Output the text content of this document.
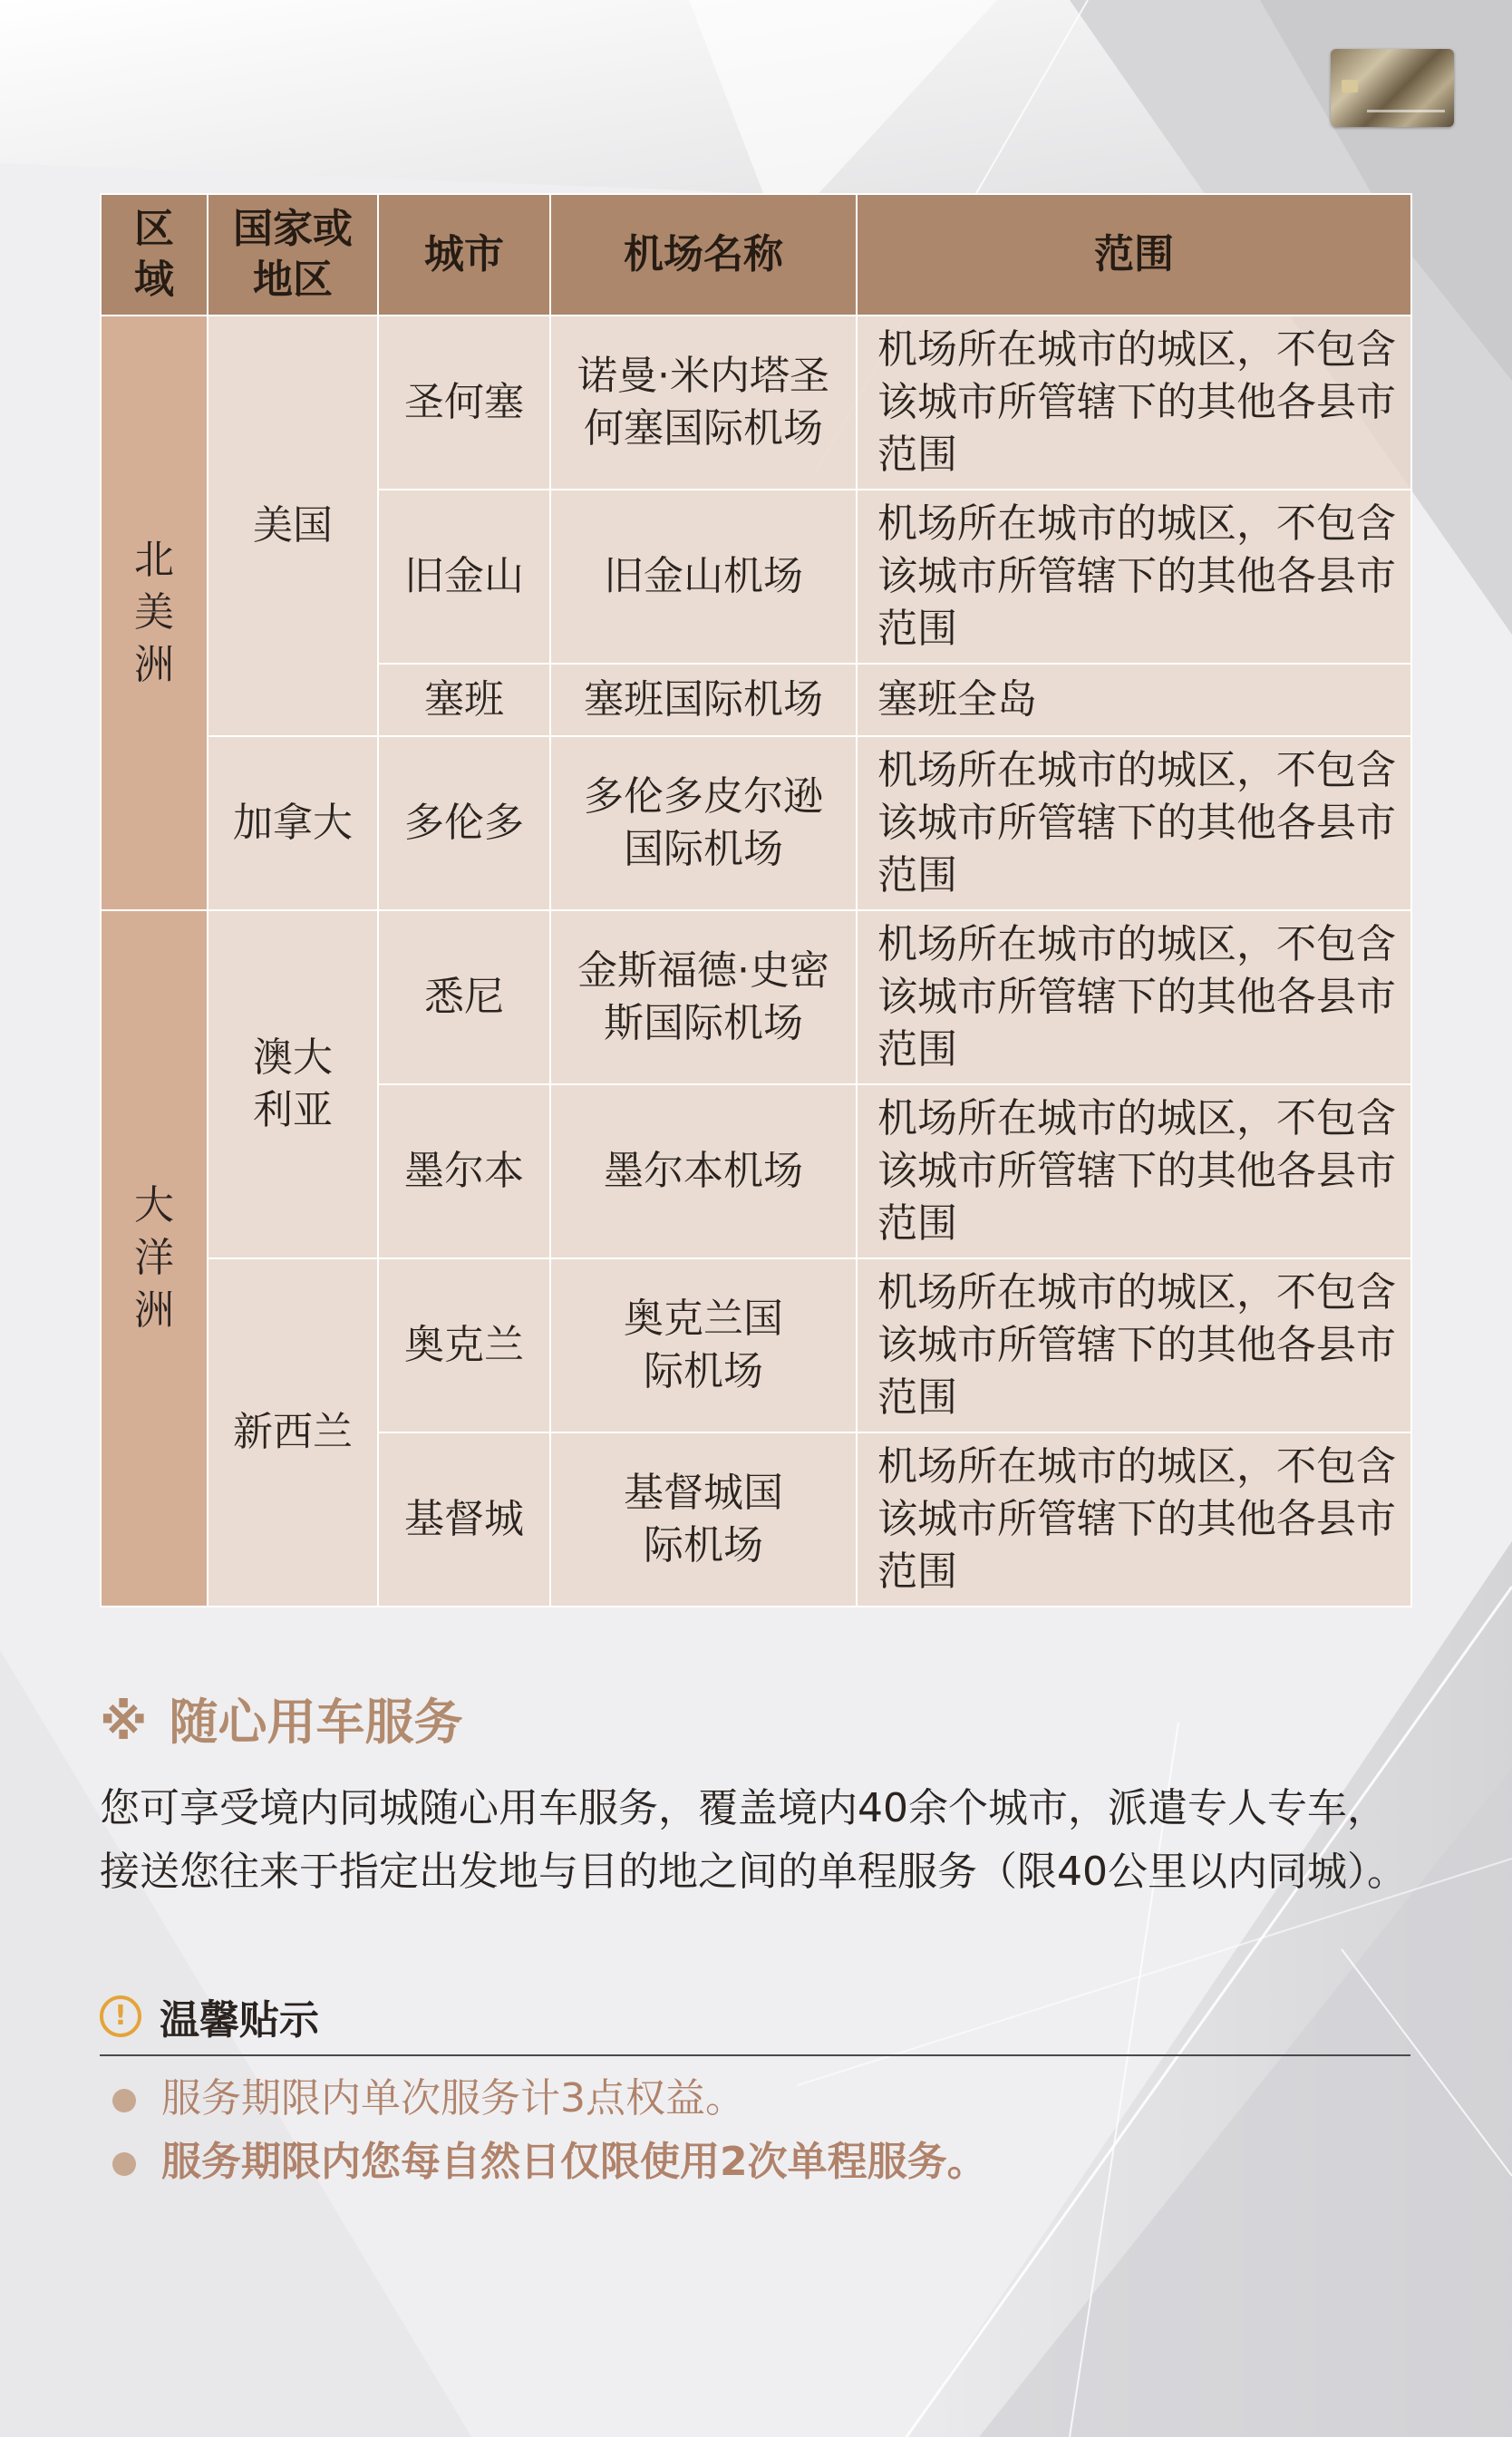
区域	国家或地区	城市	机场名称	范围

北美洲	美国	圣何塞	诺曼·米内塔圣何塞国际机场	机场所在城市的城区，不包含该城市所管辖下的其他各县市范围
		旧金山	旧金山机场	机场所在城市的城区，不包含该城市所管辖下的其他各县市范围
		塞班	塞班国际机场	塞班全岛
	加拿大	多伦多	多伦多皮尔逊国际机场	机场所在城市的城区，不包含该城市所管辖下的其他各县市范围

大洋洲	澳大利亚	悉尼	金斯福德·史密斯国际机场	机场所在城市的城区，不包含该城市所管辖下的其他各县市范围
		墨尔本	墨尔本机场	机场所在城市的城区，不包含该城市所管辖下的其他各县市范围
	新西兰	奥克兰	奥克兰国际机场	机场所在城市的城区，不包含该城市所管辖下的其他各县市范围
		基督城	基督城国际机场	机场所在城市的城区，不包含该城市所管辖下的其他各县市范围
※ 随心用车服务
您可享受境内同城随心用车服务，覆盖境内40余个城市，派遣专人专车，接送您往来于指定出发地与目的地之间的单程服务（限40公里以内同城）。
! 温馨贴示
服务期限内单次服务计3点权益。
服务期限内您每自然日仅限使用2次单程服务。
